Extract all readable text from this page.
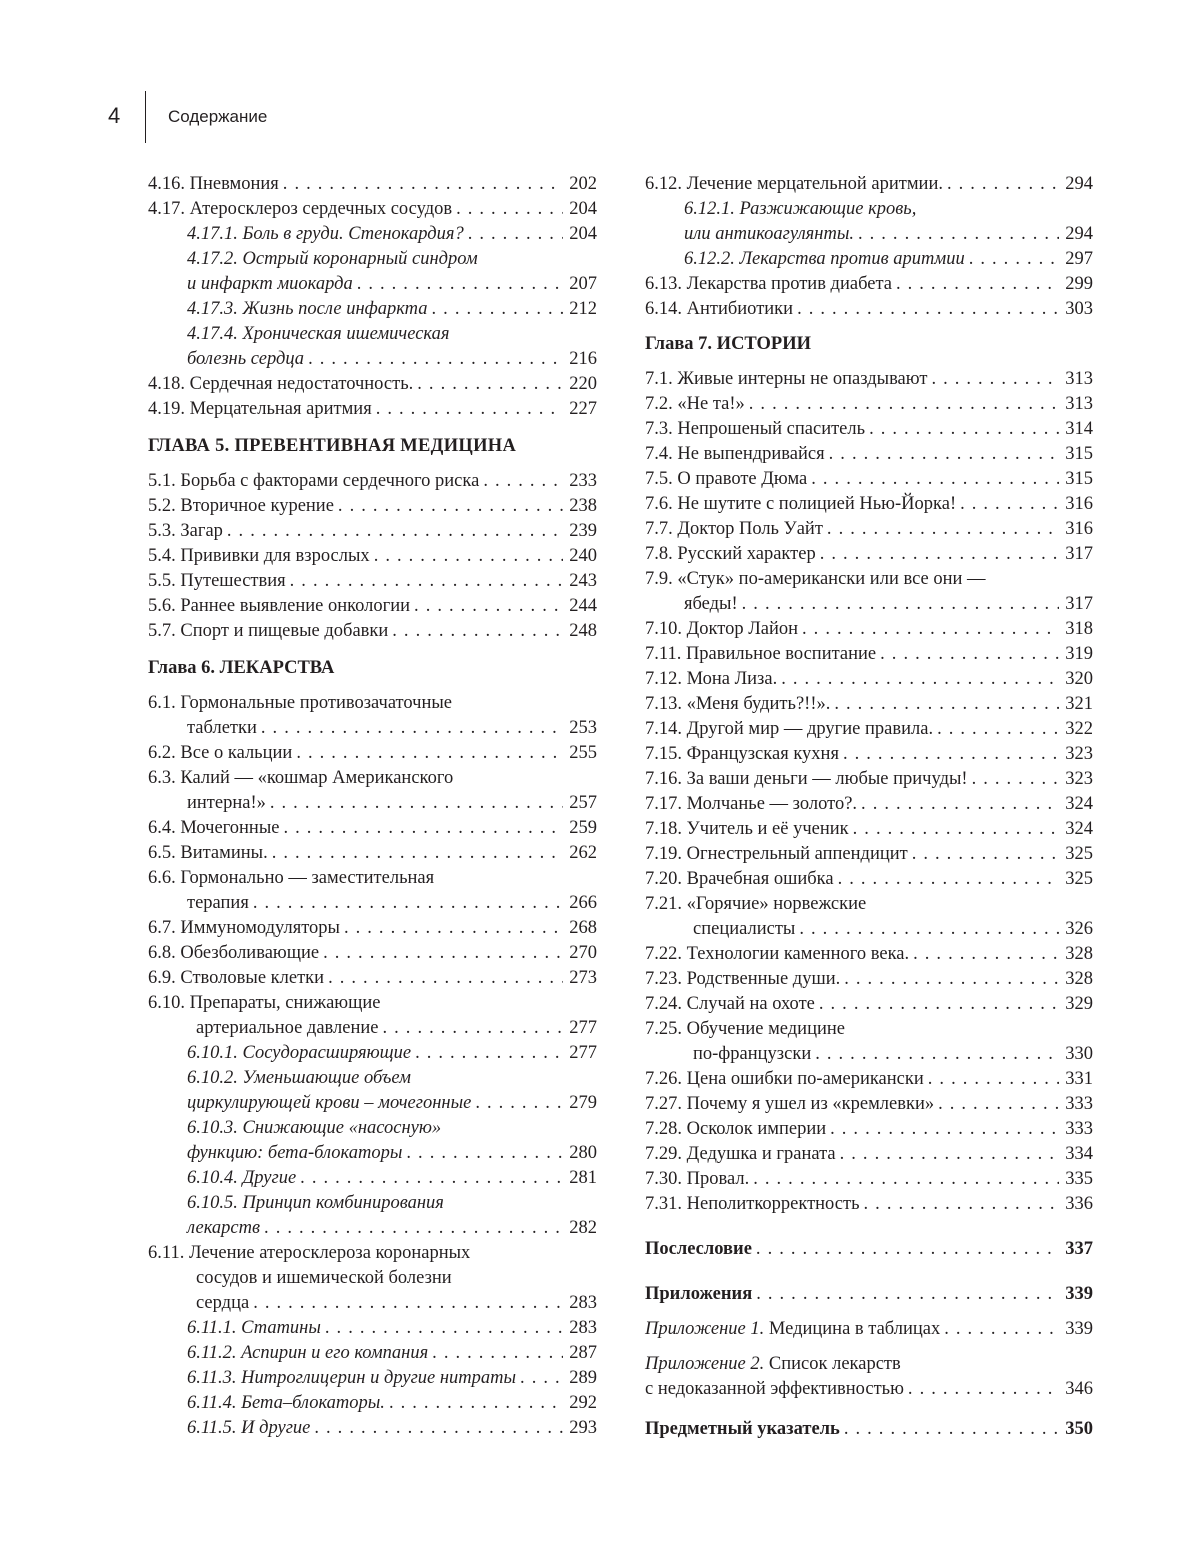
4	Содержание
4.16. Пневмония . . .	202
4.17. Атеросклероз сердечных сосудов . . .	204
4.17.1. Боль в груди. Стенокардия? . . .	204
4.17.2. Острый коронарный синдром
и инфаркт миокарда . . .	207
4.17.3. Жизнь после инфаркта . . .	212
4.17.4. Хроническая ишемическая
болезнь сердца . . .	216
4.18. Сердечная недостаточность. . . .	220
4.19. Мерцательная аритмия . . .	227
ГЛАВА 5. ПРЕВЕНТИВНАЯ МЕДИЦИНА
5.1. Борьба с факторами сердечного риска . . .	233
5.2. Вторичное курение . . .	238
5.3. Загар . . .	239
5.4. Прививки для взрослых . . .	240
5.5. Путешествия . . .	243
5.6. Раннее выявление онкологии . . .	244
5.7. Спорт и пищевые добавки . . .	248
Глава 6. ЛЕКАРСТВА
6.1. Гормональные противозачаточные
таблетки . . .	253
6.2. Все о кальции . . .	255
6.3. Калий — «кошмар Американского
интерна!» . . .	257
6.4. Мочегонные . . .	259
6.5. Витамины. . . .	262
6.6. Гормонально — заместительная
терапия . . .	266
6.7. Иммуномодуляторы . . .	268
6.8. Обезболивающие . . .	270
6.9. Стволовые клетки . . .	273
6.10. Препараты, снижающие
артериальное давление . . .	277
6.10.1. Сосудорасширяющие . . .	277
6.10.2. Уменьшающие объем
циркулирующей крови – мочегонные . . .	279
6.10.3. Снижающие «насосную»
функцию: бета-блокаторы . . .	280
6.10.4. Другие . . .	281
6.10.5. Принцип комбинирования
лекарств . . .	282
6.11. Лечение атеросклероза коронарных
сосудов и ишемической болезни
сердца . . .	283
6.11.1. Статины . . .	283
6.11.2. Аспирин и его компания . . .	287
6.11.3. Нитроглицерин и другие нитраты . . .	289
6.11.4. Бета–блокаторы. . . .	292
6.11.5. И другие . . .	293
6.12. Лечение мерцательной аритмии. . . .	294
6.12.1. Разжижающие кровь,
или антикоагулянты. . . .	294
6.12.2. Лекарства против аритмии . . .	297
6.13. Лекарства против диабета . . .	299
6.14. Антибиотики . . .	303
Глава 7. ИСТОРИИ
7.1. Живые интерны не опаздывают . . .	313
7.2. «Не та!» . . .	313
7.3. Непрошеный спаситель . . .	314
7.4. Не выпендривайся . . .	315
7.5. О правоте Дюма . . .	315
7.6. Не шутите с полицией Нью-Йорка! . . .	316
7.7. Доктор Поль Уайт . . .	316
7.8. Русский характер . . .	317
7.9. «Стук» по-американски или все они —
ябеды! . . .	317
7.10. Доктор Лайон . . .	318
7.11. Правильное воспитание . . .	319
7.12. Мона Лиза. . . .	320
7.13. «Меня будить?!!». . . .	321
7.14. Другой мир — другие правила. . . .	322
7.15. Французская кухня . . .	323
7.16. За ваши деньги — любые причуды! . . .	323
7.17. Молчанье — золото?. . . .	324
7.18. Учитель и её ученик . . .	324
7.19. Огнестрельный аппендицит . . .	325
7.20. Врачебная ошибка . . .	325
7.21. «Горячие» норвежские
специалисты . . .	326
7.22. Технологии каменного века. . . .	328
7.23. Родственные души. . . .	328
7.24. Случай на охоте . . .	329
7.25. Обучение медицине
по-французски . . .	330
7.26. Цена ошибки по-американски . . .	331
7.27. Почему я ушел из «кремлевки» . . .	333
7.28. Осколок империи . . .	333
7.29. Дедушка и граната . . .	334
7.30. Провал. . . .	335
7.31. Неполиткорректность . . .	336
Послесловие . . .	337
Приложения . . .	339
Приложение 1. Медицина в таблицах . . .	339
Приложение 2. Список лекарств
с недоказанной эффективностью . . .	346
Предметный указатель . . .	350
